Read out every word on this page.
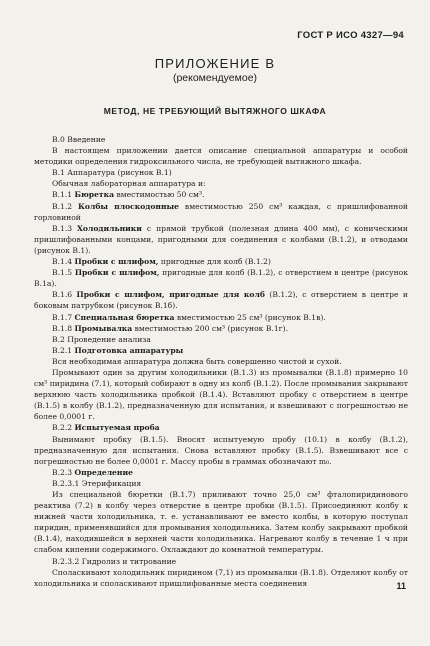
ГОСТ Р ИСО 4327—94
ПРИЛОЖЕНИЕ В
(рекомендуемое)
МЕТОД, НЕ ТРЕБУЮЩИЙ ВЫТЯЖНОГО ШКАФА

В.0 Введение

В настоящем приложении дается описание специальной аппаратуры и особой методики определения гидроксильного числа, не требующей вытяжного шкафа.

В.1 Аппаратура (рисунок В.1)

Обычная лабораторная аппаратура и:

В.1.1 Бюретка вместимостью 50 см³.

В.1.2 Колбы плоскодонные вместимостью 250 см³ каждая, с пришлифованной горловиной

В.1.3 Холодильники с прямой трубкой (полезная длина 400 мм), с коническими пришлифованными концами, пригодными для соединения с колбами (В.1.2), и отводами (рисунок В.1).

В.1.4 Пробки с шлифом, пригодные для колб (В.1.2)

В.1.5 Пробки с шлифом, пригодные для колб (В.1.2), с отверстием в центре (рисунок В.1а).

В.1.6 Пробки с шлифом, пригодные для колб (В.1.2), с отверстием в центре и боковым патрубком (рисунок В.1б).

В.1.7 Специальная бюретка вместимостью 25 см³ (рисунок В.1в).

В.1.8 Промывалка вместимостью 200 см³ (рисунок В.1г).

В.2 Проведение анализа

В.2.1 Подготовка аппаратуры

Вся необходимая аппаратура должна быть совершенно чистой и сухой.

Промывают один за другим холодильники (В.1.3) из промывалки (В.1.8) примерно 10 см³ пиридина (7.1), который собирают в одну из колб (В.1.2). После промывания закрывают верхнюю часть холодильника пробкой (В.1.4). Вставляют пробку с отверстием в центре (В.1.5) в колбу (В.1.2), предназначенную для испытания, и взвешивают с погрешностью не более 0,0001 г.

В.2.2 Испытуемая проба

Вынимают пробку (В.1.5). Вносят испытуемую пробу (10.1) в колбу (В.1.2), предназначенную для испытания. Снова вставляют пробку (В.1.5). Взвешивают все с погрешностью не более 0,0001 г. Массу пробы в граммах обозначают m₀.

В.2.3 Определение

В.2.3.1 Этерификация

Из специальной бюретки (В.1.7) приливают точно 25,0 см³ фталопиридинового реактива (7.2) в колбу через отверстие в центре пробки (В.1.5). Присоединяют колбу к нижней части холодильника, т. е. устанавливают ее вместо колбы, в которую поступал пиридин, применявшийся для промывания холодильника. Затем колбу закрывают пробкой (В.1.4), находившейся в верхней части холодильника. Нагревают колбу в течение 1 ч при слабом кипении содержимого. Охлаждают до комнатной температуры.

В.2.3.2 Гидролиз и титрование

Споласкивают холодильник пиридином (7,1) из промывалки (В.1.8). Отделяют колбу от холодильника и споласкивают пришлифованные места соединения	11
